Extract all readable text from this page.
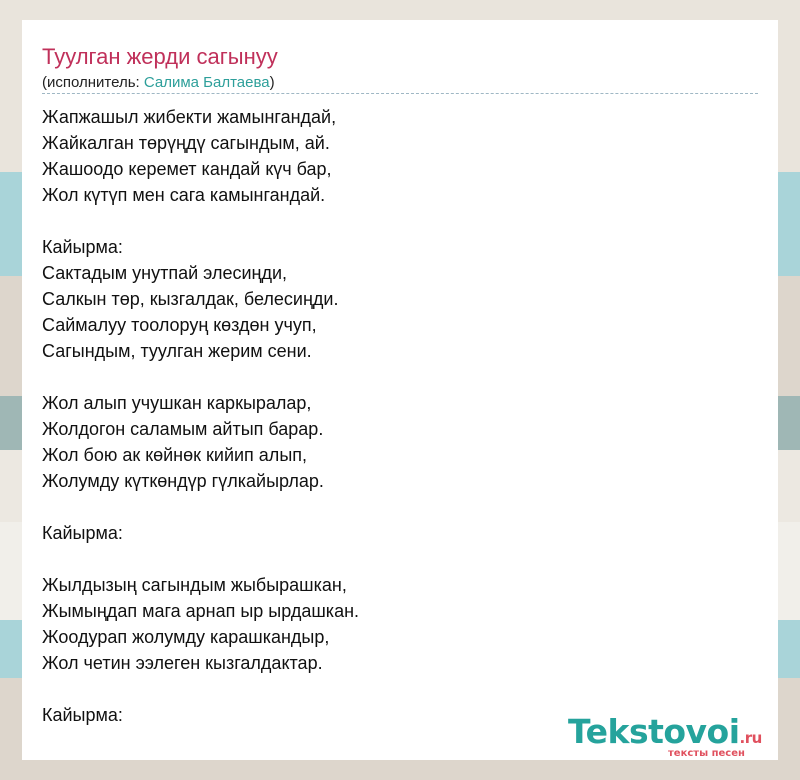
Туулган жерди сагынуу
(исполнитель: Салима Балтаева)
Жапжашыл жибекти жамынгандай,
Жайкалган төрүңдү сагындым, ай.
Жашоодо керемет кандай күч бар,
Жол күтүп мен сага камынгандай.
Кайырма:
Сактадым унутпай элесиңди,
Салкын төр, кызгалдак, белесиңди.
Саймалуу тоолоруң көздөн учуп,
Сагындым, туулган жерим сени.
Жол алып учушкан каркыралар,
Жолдогон саламым айтып барар.
Жол бою ак көйнөк кийип алып,
Жолумду күткөндүр гүлкайырлар.
Кайырма:
Жылдызың сагындым жыбырашкан,
Жымыңдап мага арнап ыр ырдашкан.
Жоодурап жолумду карашкандыр,
Жол четин ээлеген кызгалдактар.
Кайырма:	Tekstovoi.ru
тексты песен
